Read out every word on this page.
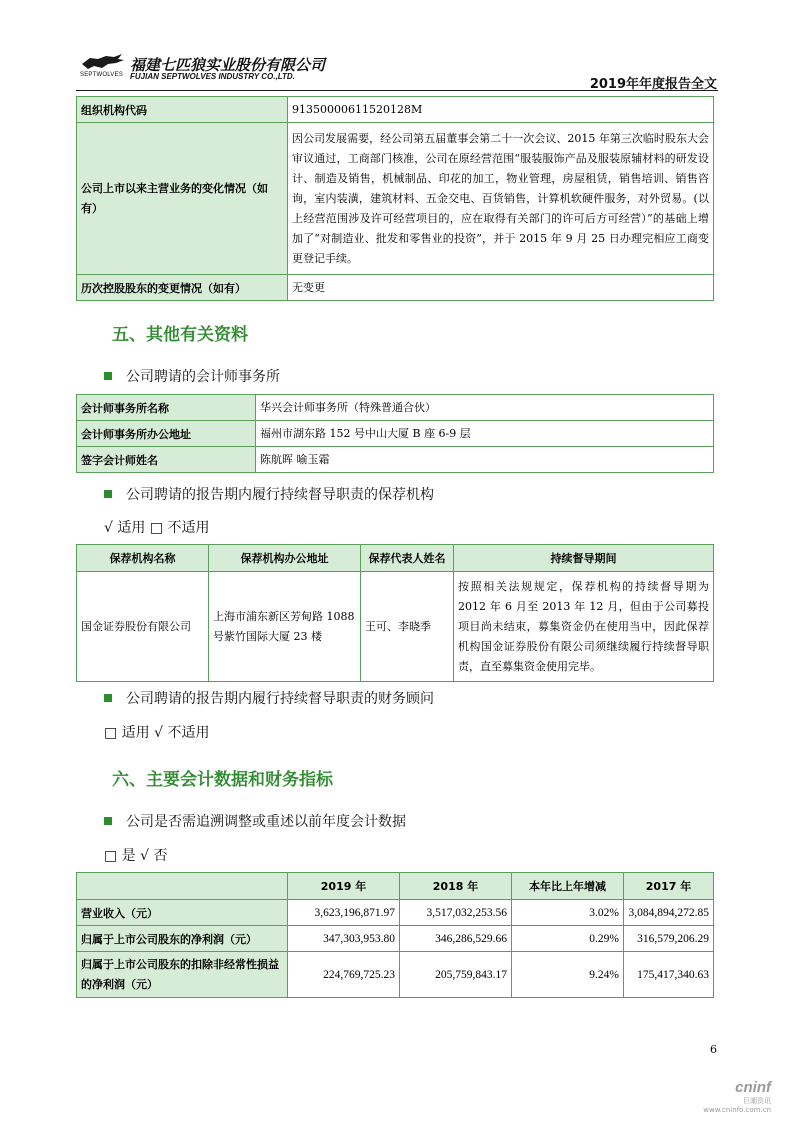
SEPTWOLVES
福建七匹狼实业股份有限公司
FUJIAN SEPTWOLVES INDUSTRY CO.,LTD.
2019年年度报告全文
组织机构代码	91350000611520128M
公司上市以来主营业务的变化情况（如有）	因公司发展需要，经公司第五届董事会第二十一次会议、2015 年第三次临时股东大会审议通过，工商部门核准，公司在原经营范围“服装服饰产品及服装原辅材料的研发设计、制造及销售，机械制品、印花的加工，物业管理，房屋租赁，销售培训、销售咨询，室内装潢，建筑材料、五金交电、百货销售，计算机软硬件服务，对外贸易。(以上经营范围涉及许可经营项目的，应在取得有关部门的许可后方可经营）”的基础上增加了“对制造业、批发和零售业的投资”，并于 2015 年 9 月 25 日办理完相应工商变更登记手续。
历次控股股东的变更情况（如有）	无变更
五、其他有关资料
公司聘请的会计师事务所
会计师事务所名称	华兴会计师事务所（特殊普通合伙）
会计师事务所办公地址	福州市湖东路 152 号中山大厦 B 座 6-9 层
签字会计师姓名	陈航晖 喻玉霜
公司聘请的报告期内履行持续督导职责的保荐机构
√ 适用 □ 不适用
保荐机构名称	保荐机构办公地址	保荐代表人姓名	持续督导期间
国金证券股份有限公司	上海市浦东新区芳甸路 1088 号紫竹国际大厦 23 楼	王可、李晓季	按照相关法规规定，保荐机构的持续督导期为 2012 年 6 月至 2013 年 12 月，但由于公司募投项目尚未结束，募集资金仍在使用当中，因此保荐机构国金证券股份有限公司须继续履行持续督导职责，直至募集资金使用完毕。
公司聘请的报告期内履行持续督导职责的财务顾问
□ 适用 √ 不适用
六、主要会计数据和财务指标
公司是否需追溯调整或重述以前年度会计数据
□ 是 √ 否
	2019 年	2018 年	本年比上年增减	2017 年
营业收入（元）	3,623,196,871.97	3,517,032,253.56	3.02%	3,084,894,272.85
归属于上市公司股东的净利润（元）	347,303,953.80	346,286,529.66	0.29%	316,579,206.29
归属于上市公司股东的扣除非经常性损益的净利润（元）	224,769,725.23	205,759,843.17	9.24%	175,417,340.63
6
cninf
巨潮资讯
www.cninfo.com.cn
